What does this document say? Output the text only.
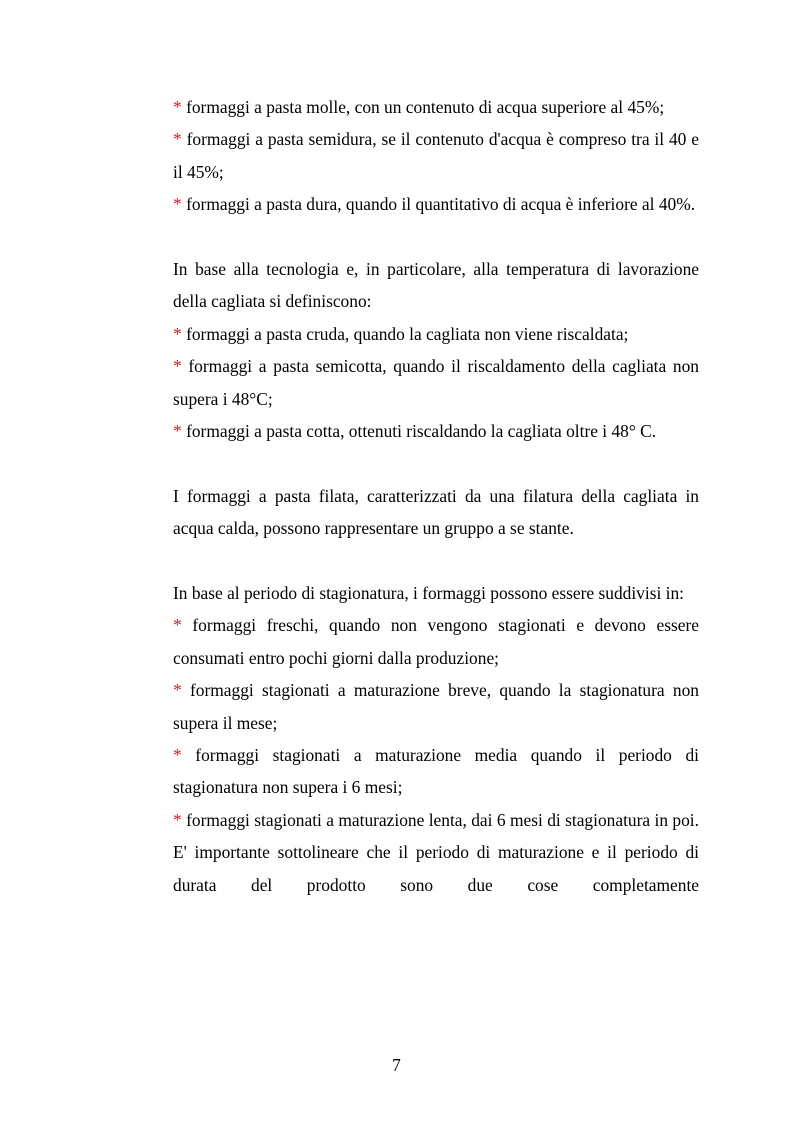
* formaggi a pasta molle, con un contenuto di acqua superiore al 45%;

* formaggi a pasta semidura, se il contenuto d'acqua è compreso tra il 40 e il 45%;

* formaggi a pasta dura, quando il quantitativo di acqua è inferiore al 40%.

In base alla tecnologia e, in particolare, alla temperatura di lavorazione della cagliata si definiscono:

* formaggi a pasta cruda, quando la cagliata non viene riscaldata;

* formaggi a pasta semicotta, quando il riscaldamento della cagliata non supera i 48°C;

* formaggi a pasta cotta, ottenuti riscaldando la cagliata oltre i 48° C.

I formaggi a pasta filata, caratterizzati da una filatura della cagliata in acqua calda, possono rappresentare un gruppo a se stante.

In base al periodo di stagionatura, i formaggi possono essere suddivisi in:

* formaggi freschi, quando non vengono stagionati e devono essere consumati entro pochi giorni dalla produzione;

* formaggi stagionati a maturazione breve, quando la stagionatura non supera il mese;

* formaggi stagionati a maturazione media quando il periodo di stagionatura non supera i 6 mesi;

* formaggi stagionati a maturazione lenta, dai 6 mesi di stagionatura in poi. E' importante sottolineare che il periodo di maturazione e il periodo di durata del prodotto sono due cose completamente

7
